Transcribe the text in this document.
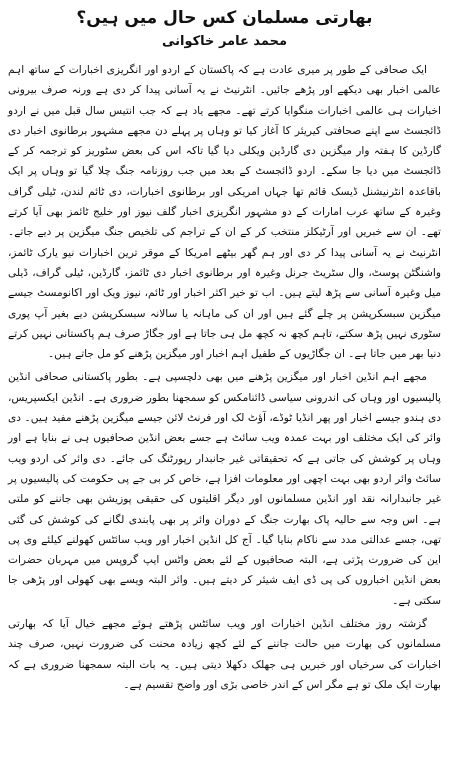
بھارتی مسلمان کس حال میں ہیں؟
محمد عامر خاکوانی

ایک صحافی کے طور پر میری عادت ہے کہ پاکستان کے اردو اور انگریزی اخبارات کے ساتھ اہم عالمی اخبار بھی دیکھے اور پڑھے جائیں۔ انٹرنیٹ نے یہ آسانی پیدا کر دی ہے ورنہ صرف بیرونی اخبارات ہی عالمی اخبارات منگوایا کرتے تھے۔ مجھے یاد ہے کہ جب انتیس سال قبل میں نے اردو ڈائجسٹ سے اپنے صحافتی کیریئر کا آغاز کیا تو وہاں پر پہلے دن مجھے مشہور برطانوی اخبار دی گارڈین کا ہفتہ وار میگزین دی گارڈین ویکلی دیا گیا تاکہ اس کی بعض سٹوریز کو ترجمہ کر کے ڈائجسٹ میں دیا جا سکے۔ اردو ڈائجسٹ کے بعد میں جب روزنامہ جنگ چلا گیا تو وہاں پر ایک باقاعدہ انٹرنیشنل ڈیسک قائم تھا جہاں امریکی اور برطانوی اخبارات، دی ٹائم لندن، ٹیلی گراف وغیرہ کے ساتھ عرب امارات کے دو مشہور انگریزی اخبار گلف نیوز اور خلیج ٹائمز بھی آیا کرتے تھے۔ ان سے خبریں اور آرٹیکلز منتخب کر کے ان کے تراجم کی تلخیص جنگ میگزین پر دیے جاتے۔ انٹرنیٹ نے یہ آسانی پیدا کر دی اور ہم گھر بیٹھے امریکا کے موقر ترین اخبارات نیو یارک ٹائمز، واشنگٹن پوسٹ، وال سٹریٹ جرنل وغیرہ اور برطانوی اخبار دی ٹائمز، گارڈین، ٹیلی گراف، ڈیلی میل وغیرہ آسانی سے پڑھ لیتے ہیں۔ اب تو خیر اکثر اخبار اور ٹائم، نیوز ویک اور اکانومسٹ جیسے میگزین سبسکرپشن پر چلے گئے ہیں اور ان کی ماہانہ یا سالانہ سبسکرپشن دیے بغیر آپ پوری سٹوری نہیں پڑھ سکتے، تاہم کچھ نہ کچھ مل ہی جاتا ہے اور جگاڑ صرف ہم پاکستانی نہیں کرتے دنیا بھر میں جاتا ہے۔ ان جگاڑیوں کے طفیل اہم اخبار اور میگزین پڑھنے کو مل جاتے ہیں۔

مجھے اہم انڈین اخبار اور میگزین پڑھنے میں بھی دلچسپی ہے۔ بطور پاکستانی صحافی انڈین پالیسیوں اور وہاں کی اندرونی سیاسی ڈائنامکس کو سمجھنا بطور ضروری ہے۔ انڈین ایکسپریس، دی ہندو جیسے اخبار اور پھر انڈیا ٹوڈے، آؤٹ لک اور فرنٹ لائن جیسے میگزین پڑھنے مفید ہیں۔ دی وائر کی ایک مختلف اور بہت عمدہ ویب سائٹ ہے جسے بعض انڈین صحافیوں ہی نے بنایا ہے اور وہاں پر کوشش کی جاتی ہے کہ تحقیقاتی غیر جانبدار رپورٹنگ کی جائے۔ دی وائر کی اردو ویب سائٹ وائر اردو بھی بہت اچھی اور معلومات افزا ہے، خاص کر بی جے پی حکومت کی پالیسیوں پر غیر جانبدارانہ نقد اور انڈین مسلمانوں اور دیگر اقلیتوں کی حقیقی پوزیشن بھی جاننے کو ملتی ہے۔ اس وجہ سے حالیہ پاک بھارت جنگ کے دوران وائر پر بھی پابندی لگانے کی کوشش کی گئی تھی، جسے عدالتی مدد سے ناکام بنایا گیا۔ آج کل انڈین اخبار اور ویب سائٹس کھولنے کیلئے وی پی این کی ضرورت پڑتی ہے، البتہ صحافیوں کے لئے بعض واٹس ایپ گروپس میں مہربان حضرات بعض انڈین اخباروں کی پی ڈی ایف شیئر کر دیتے ہیں۔ وائر البتہ ویسے بھی کھولی اور پڑھی جا سکتی ہے۔

گزشتہ روز مختلف انڈین اخبارات اور ویب سائٹس پڑھتے ہوئے مجھے خیال آیا کہ بھارتی مسلمانوں کی بھارت میں حالت جاننے کے لئے کچھ زیادہ محنت کی ضرورت نہیں، صرف چند اخبارات کی سرخیاں اور خبریں ہی جھلک دکھلا دیتی ہیں۔ یہ بات البتہ سمجھنا ضروری ہے کہ بھارت ایک ملک تو ہے مگر اس کے اندر خاصی بڑی اور واضح تقسیم ہے۔
